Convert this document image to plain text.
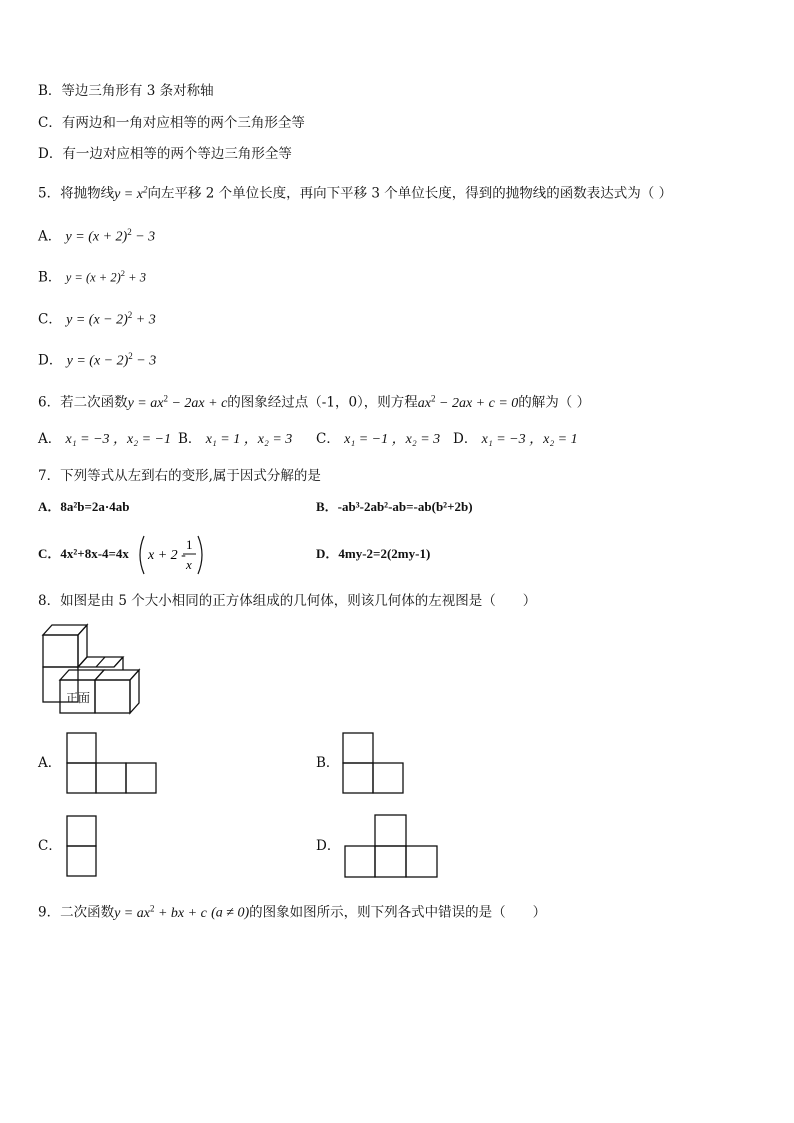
B．等边三角形有 3 条对称轴
C．有两边和一角对应相等的两个三角形全等
D．有一边对应相等的两个等边三角形全等
5．将抛物线$y = x^2$向左平移 2 个单位长度，再向下平移 3 个单位长度，得到的抛物线的函数表达式为（ ）
A． $y = (x + 2)^2 - 3$
B． $y = (x + 2)^2 + 3$
C． $y = (x - 2)^2 + 3$
D． $y = (x - 2)^2 - 3$
6．若二次函数$y = ax^2 - 2ax + c$的图象经过点（-1，0），则方程$ax^2 - 2ax + c = 0$的解为（ ）
A． x₁ = −3 ，x₂ = −1 B． x₁ = 1 ，x₂ = 3 C． x₁ = −1 ，x₂ = 3 D． x₁ = −3 ，x₂ = 1
7．下列等式从左到右的变形,属于因式分解的是
A．8a²b=2a·4ab	B．-ab³-2ab²-ab=-ab(b²+2b)
C．4x²+8x-4=4x x + 2 -
1
x
D．4my-2=2(2my-1)
8．如图是由 5 个大小相同的正方体组成的几何体，则该几何体的左视图是（　　）
正面
A．	B．
C．	D．
9．二次函数$y = ax^2$ + bx + c (a ≠ 0)的图象如图所示，则下列各式中错误的是（　　）
